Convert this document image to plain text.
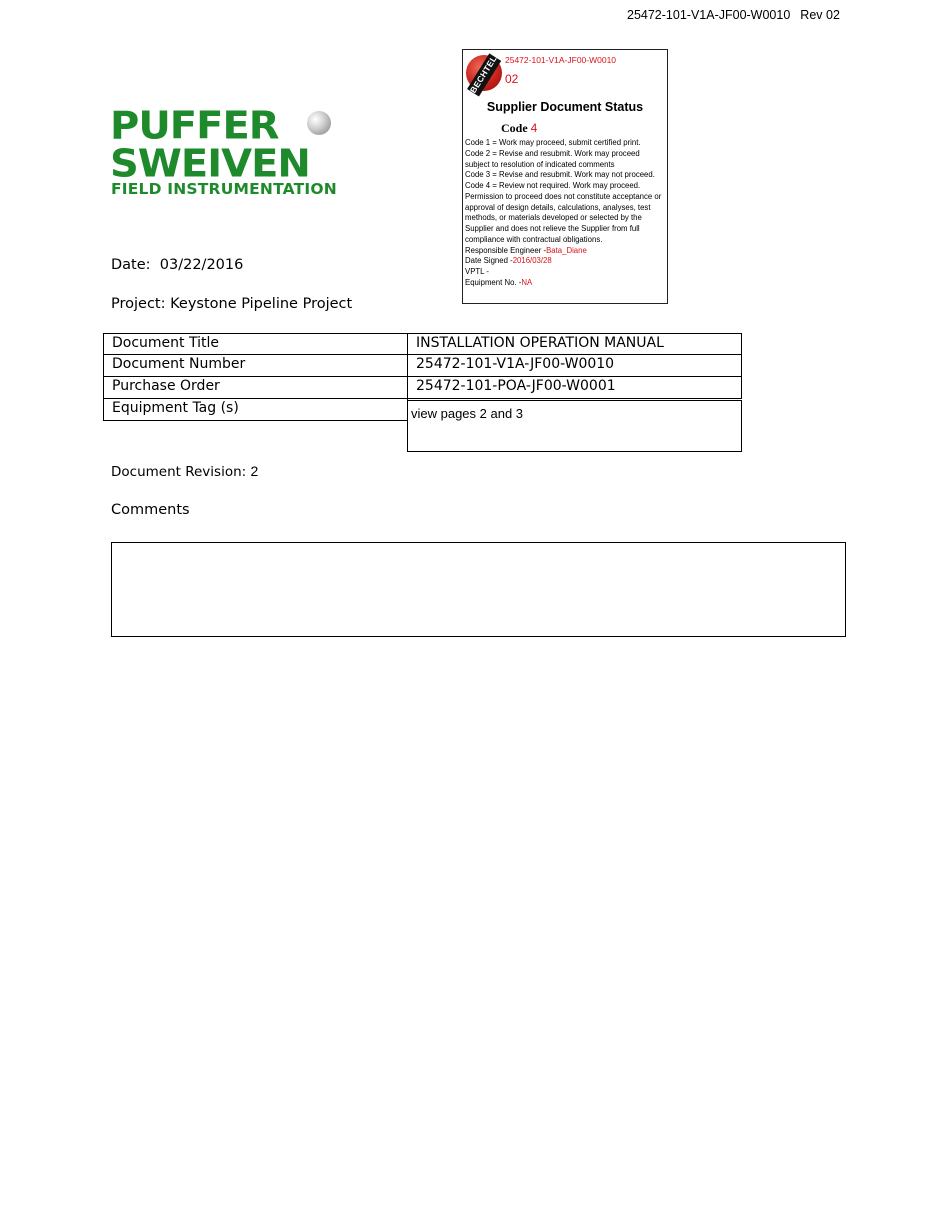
25472-101-V1A-JF00-W0010 Rev 02
PUFFER
SWEIVEN
FIELD INSTRUMENTATION
BECHTEL 25472-101-V1A-JF00-W0010
02
Supplier Document Status
Code 4
Code 1 = Work may proceed, submit certified print.
Code 2 = Revise and resubmit. Work may proceed subject to resolution of indicated comments
Code 3 = Revise and resubmit. Work may not proceed.
Code 4 = Review not required. Work may proceed.
Permission to proceed does not constitute acceptance or approval of design details, calculations, analyses, test methods, or materials developed or selected by the Supplier and does not relieve the Supplier from full compliance with contractual obligations.
Responsible Engineer -Bata_Diane
Date Signed -2016/03/28
VPTL -
Equipment No. -NA
Date: 03/22/2016
Project: Keystone Pipeline Project
Document Title	INSTALLATION OPERATION MANUAL
Document Number	25472-101-V1A-JF00-W0010
Purchase Order	25472-101-POA-JF00-W0001
Equipment Tag (s)	view pages 2 and 3
Document Revision: 2
Comments
